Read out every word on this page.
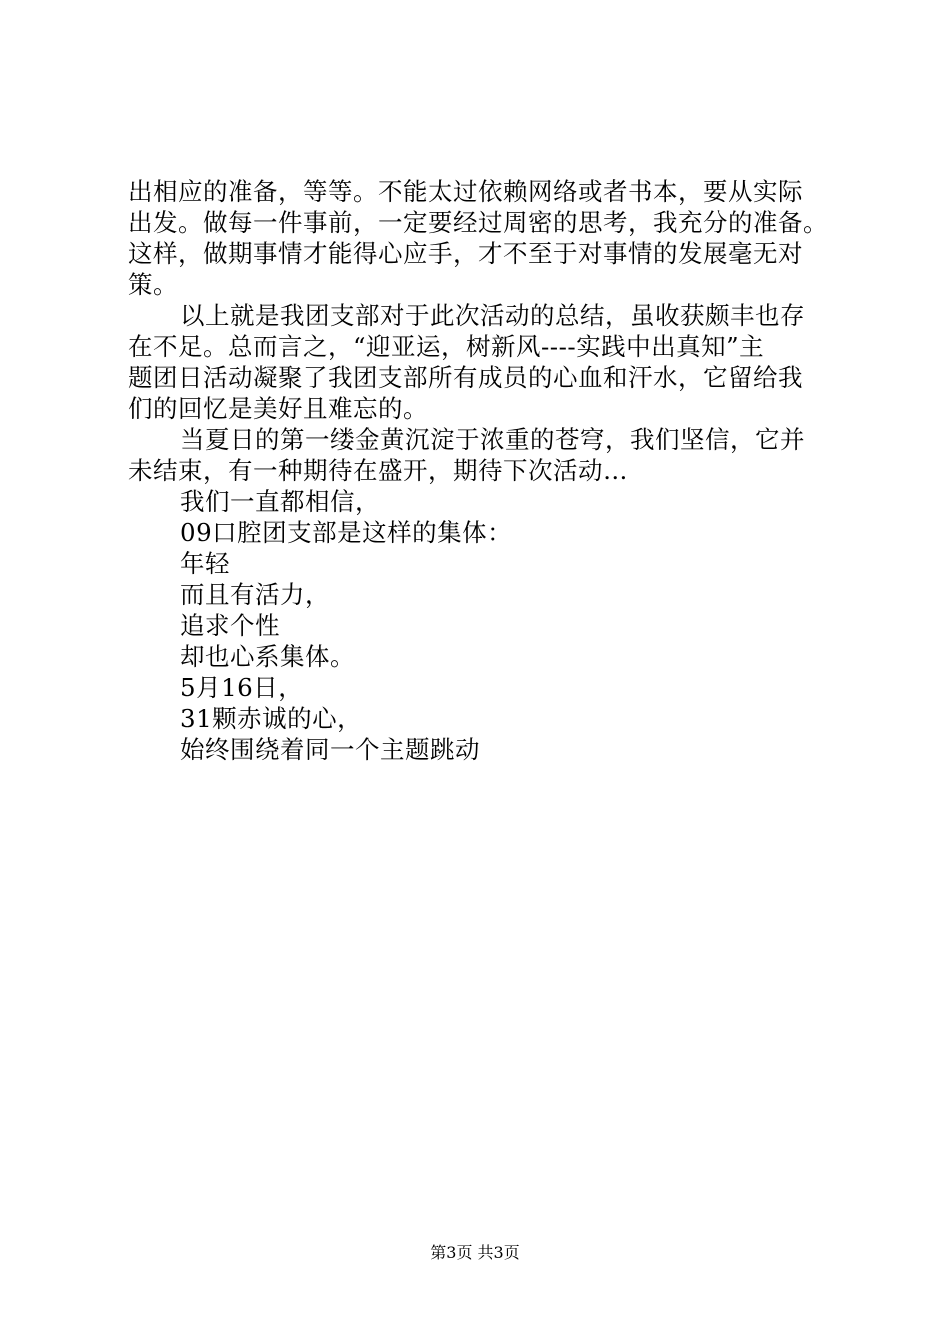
出相应的准备，等等。不能太过依赖网络或者书本，要从实际
出发。做每一件事前，一定要经过周密的思考，我充分的准备。
这样，做期事情才能得心应手，才不至于对事情的发展毫无对
策。
以上就是我团支部对于此次活动的总结，虽收获颇丰也存
在不足。总而言之，“迎亚运，树新风----实践中出真知”主
题团日活动凝聚了我团支部所有成员的心血和汗水，它留给我
们的回忆是美好且难忘的。
当夏日的第一缕金黄沉淀于浓重的苍穹，我们坚信，它并
未结束，有一种期待在盛开，期待下次活动…
我们一直都相信，
09口腔团支部是这样的集体：
年轻
而且有活力，
追求个性
却也心系集体。
5月16日，
31颗赤诚的心，
始终围绕着同一个主题跳动
第3页 共3页
